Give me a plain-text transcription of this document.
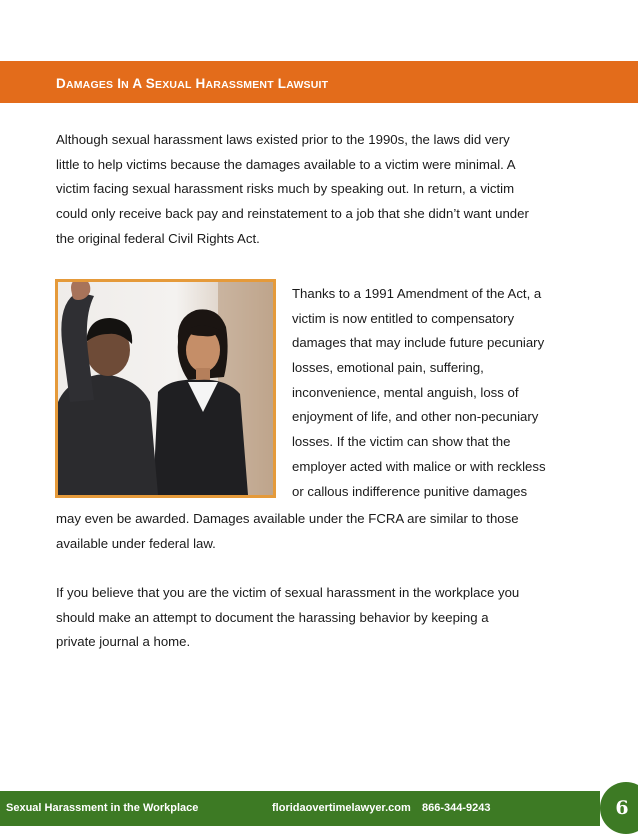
DAMAGES IN A SEXUAL HARASSMENT LAWSUIT
Although sexual harassment laws existed prior to the 1990s, the laws did very
little to help victims because the damages available to a victim were minimal. A
victim facing sexual harassment risks much by speaking out. In return, a victim
could only receive back pay and reinstatement to a job that she didn’t want under
the original federal Civil Rights Act.
Thanks to a 1991 Amendment of the Act, a
victim is now entitled to compensatory
damages that may include future pecuniary
losses, emotional pain, suffering,
inconvenience, mental anguish, loss of
enjoyment of life, and other non-pecuniary
losses. If the victim can show that the
employer acted with malice or with reckless
or callous indifference punitive damages
may even be awarded. Damages available under the FCRA are similar to those
available under federal law.
If you believe that you are the victim of sexual harassment in the workplace you
should make an attempt to document the harassing behavior by keeping a
private journal a home.
Sexual Harassment in the Workplace	floridaovertimelawyer.com 866-344-9243	6
